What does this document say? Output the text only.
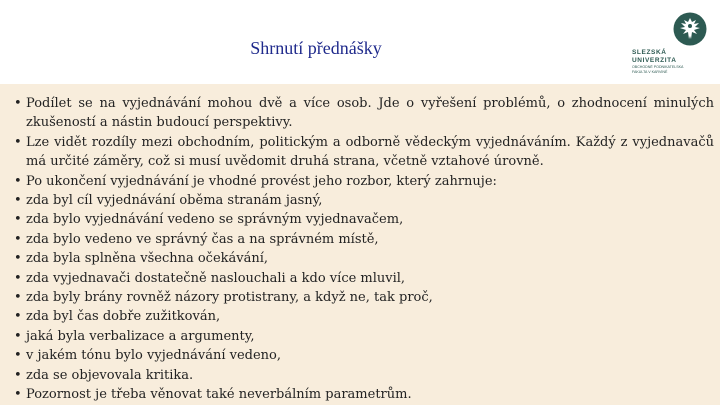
Shrnutí přednášky	SLEZSKÁ
UNIVERZITA
OBCHODNĚ PODNIKATELSKÁ
FAKULTA V KARVINÉ
• Podílet se na vyjednávání mohou dvě a více osob. Jde o vyřešení problémů, o zhodnocení minulých zkušeností a nástin budoucí perspektivy.
• Lze vidět rozdíly mezi obchodním, politickým a odborně vědeckým vyjednáváním. Každý z vyjednavačů má určité záměry, což si musí uvědomit druhá strana, včetně vztahové úrovně.
• Po ukončení vyjednávání je vhodné provést jeho rozbor, který zahrnuje:
• zda byl cíl vyjednávání oběma stranám jasný,
• zda bylo vyjednávání vedeno se správným vyjednavačem,
• zda bylo vedeno ve správný čas a na správném místě,
• zda byla splněna všechna očekávání,
• zda vyjednavači dostatečně naslouchali a kdo více mluvil,
• zda byly brány rovněž názory protistrany, a když ne, tak proč,
• zda byl čas dobře zužitkován,
• jaká byla verbalizace a argumenty,
• v jakém tónu bylo vyjednávání vedeno,
• zda se objevovala kritika.
• Pozornost je třeba věnovat také neverbálním parametrům.
